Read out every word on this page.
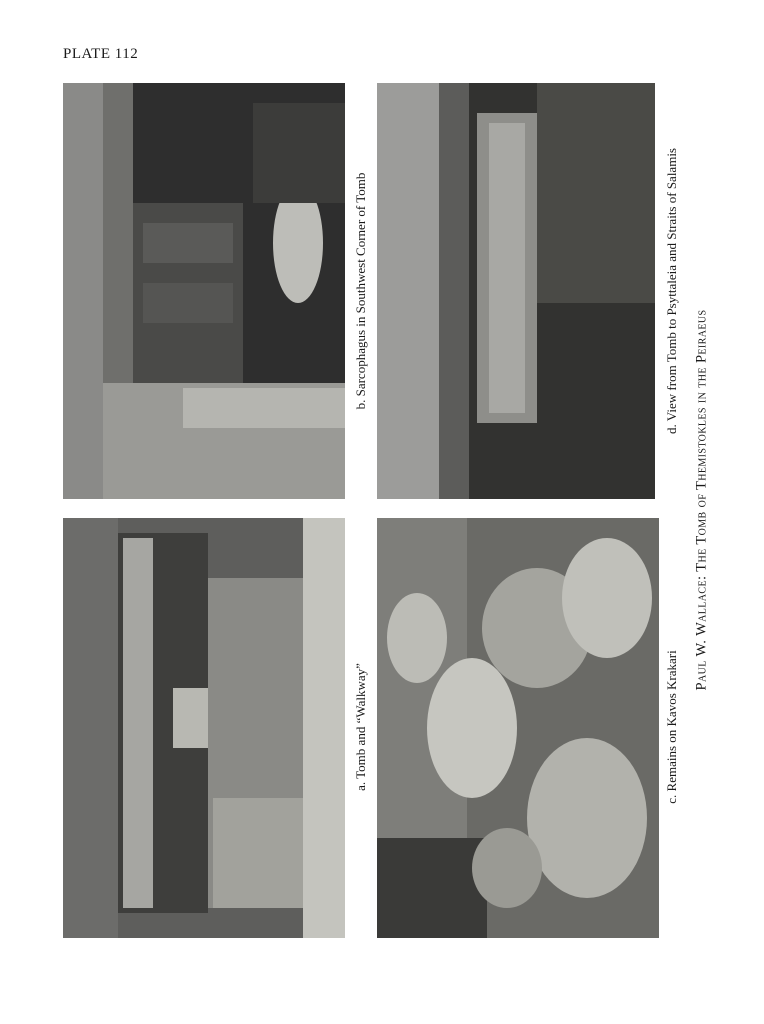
PLATE 112
b. Sarcophagus in Southwest Corner of Tomb
a. Tomb and “Walkway”
d. View from Tomb to Psyttaleia and Straits of Salamis
c. Remains on Kavos Krakari
Paul W. Wallace: The Tomb of Themistokles in the Peiraeus
